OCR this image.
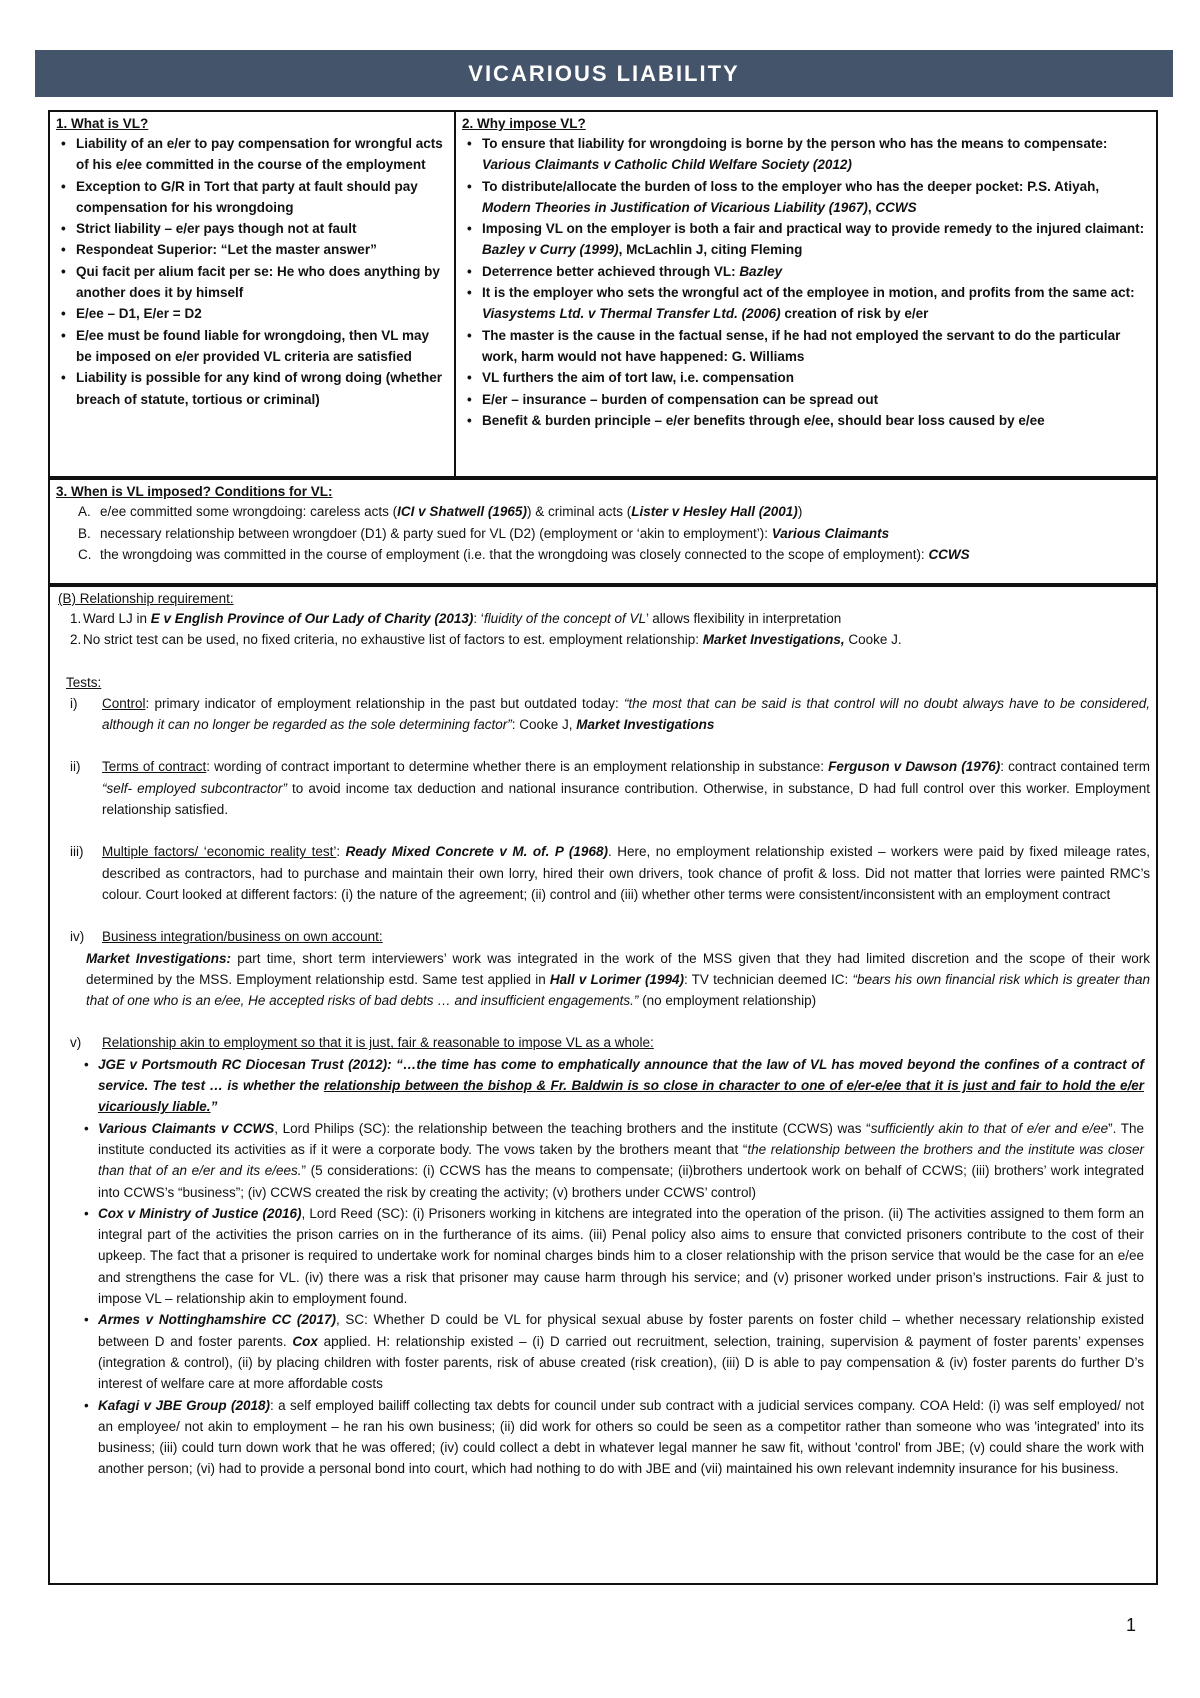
VICARIOUS LIABILITY
1. What is VL?
• Liability of an e/er to pay compensation for wrongful acts of his e/ee committed in the course of the employment
• Exception to G/R in Tort that party at fault should pay compensation for his wrongdoing
• Strict liability – e/er pays though not at fault
• Respondeat Superior: “Let the master answer”
• Qui facit per alium facit per se: He who does anything by another does it by himself
• E/ee – D1, E/er = D2
• E/ee must be found liable for wrongdoing, then VL may be imposed on e/er provided VL criteria are satisfied
• Liability is possible for any kind of wrong doing (whether breach of statute, tortious or criminal)
2. Why impose VL?
• To ensure that liability for wrongdoing is borne by the person who has the means to compensate: Various Claimants v Catholic Child Welfare Society (2012)
• To distribute/allocate the burden of loss to the employer who has the deeper pocket: P.S. Atiyah, Modern Theories in Justification of Vicarious Liability (1967), CCWS
• Imposing VL on the employer is both a fair and practical way to provide remedy to the injured claimant: Bazley v Curry (1999), McLachlin J, citing Fleming
• Deterrence better achieved through VL: Bazley
• It is the employer who sets the wrongful act of the employee in motion, and profits from the same act: Viasystems Ltd. v Thermal Transfer Ltd. (2006) creation of risk by e/er
• The master is the cause in the factual sense, if he had not employed the servant to do the particular work, harm would not have happened: G. Williams
• VL furthers the aim of tort law, i.e. compensation
• E/er – insurance – burden of compensation can be spread out
• Benefit & burden principle – e/er benefits through e/ee, should bear loss caused by e/ee
3. When is VL imposed? Conditions for VL:
A. e/ee committed some wrongdoing: careless acts (ICI v Shatwell (1965)) & criminal acts (Lister v Hesley Hall (2001))
B. necessary relationship between wrongdoer (D1) & party sued for VL (D2) (employment or ‘akin to employment’): Various Claimants
C. the wrongdoing was committed in the course of employment (i.e. that the wrongdoing was closely connected to the scope of employment): CCWS
(B) Relationship requirement:
1. Ward LJ in E v English Province of Our Lady of Charity (2013): ‘fluidity of the concept of VL’ allows flexibility in interpretation
2. No strict test can be used, no fixed criteria, no exhaustive list of factors to est. employment relationship: Market Investigations, Cooke J.
Tests:
i) Control: primary indicator of employment relationship in the past but outdated today: “the most that can be said is that control will no doubt always have to be considered, although it can no longer be regarded as the sole determining factor”: Cooke J, Market Investigations
ii) Terms of contract: wording of contract important to determine whether there is an employment relationship in substance: Ferguson v Dawson (1976): contract contained term “self- employed subcontractor” to avoid income tax deduction and national insurance contribution. Otherwise, in substance, D had full control over this worker. Employment relationship satisfied.
iii) Multiple factors/ ‘economic reality test’: Ready Mixed Concrete v M. of. P (1968). Here, no employment relationship existed – workers were paid by fixed mileage rates, described as contractors, had to purchase and maintain their own lorry, hired their own drivers, took chance of profit & loss. Did not matter that lorries were painted RMC’s colour. Court looked at different factors: (i) the nature of the agreement; (ii) control and (iii) whether other terms were consistent/inconsistent with an employment contract
iv) Business integration/business on own account:
Market Investigations: part time, short term interviewers’ work was integrated in the work of the MSS given that they had limited discretion and the scope of their work determined by the MSS. Employment relationship estd. Same test applied in Hall v Lorimer (1994): TV technician deemed IC: “bears his own financial risk which is greater than that of one who is an e/ee, He accepted risks of bad debts … and insufficient engagements.” (no employment relationship)
v) Relationship akin to employment so that it is just, fair & reasonable to impose VL as a whole:
• JGE v Portsmouth RC Diocesan Trust (2012): “…the time has come to emphatically announce that the law of VL has moved beyond the confines of a contract of service. The test … is whether the relationship between the bishop & Fr. Baldwin is so close in character to one of e/er-e/ee that it is just and fair to hold the e/er vicariously liable.”
• Various Claimants v CCWS, Lord Philips (SC): the relationship between the teaching brothers and the institute (CCWS) was “sufficiently akin to that of e/er and e/ee”. The institute conducted its activities as if it were a corporate body. The vows taken by the brothers meant that “the relationship between the brothers and the institute was closer than that of an e/er and its e/ees.” (5 considerations: (i) CCWS has the means to compensate; (ii)brothers undertook work on behalf of CCWS; (iii) brothers’ work integrated into CCWS’s “business”; (iv) CCWS created the risk by creating the activity; (v) brothers under CCWS’ control)
• Cox v Ministry of Justice (2016), Lord Reed (SC): (i) Prisoners working in kitchens are integrated into the operation of the prison. (ii) The activities assigned to them form an integral part of the activities the prison carries on in the furtherance of its aims. (iii) Penal policy also aims to ensure that convicted prisoners contribute to the cost of their upkeep. The fact that a prisoner is required to undertake work for nominal charges binds him to a closer relationship with the prison service that would be the case for an e/ee and strengthens the case for VL. (iv) there was a risk that prisoner may cause harm through his service; and (v) prisoner worked under prison’s instructions. Fair & just to impose VL – relationship akin to employment found.
• Armes v Nottinghamshire CC (2017), SC: Whether D could be VL for physical sexual abuse by foster parents on foster child – whether necessary relationship existed between D and foster parents. Cox applied. H: relationship existed – (i) D carried out recruitment, selection, training, supervision & payment of foster parents’ expenses (integration & control), (ii) by placing children with foster parents, risk of abuse created (risk creation), (iii) D is able to pay compensation & (iv) foster parents do further D’s interest of welfare care at more affordable costs
• Kafagi v JBE Group (2018): a self employed bailiff collecting tax debts for council under sub contract with a judicial services company. COA Held: (i) was self employed/ not an employee/ not akin to employment – he ran his own business; (ii) did work for others so could be seen as a competitor rather than someone who was 'integrated' into its business; (iii) could turn down work that he was offered; (iv) could collect a debt in whatever legal manner he saw fit, without 'control' from JBE; (v) could share the work with another person; (vi) had to provide a personal bond into court, which had nothing to do with JBE and (vii) maintained his own relevant indemnity insurance for his business.
1
